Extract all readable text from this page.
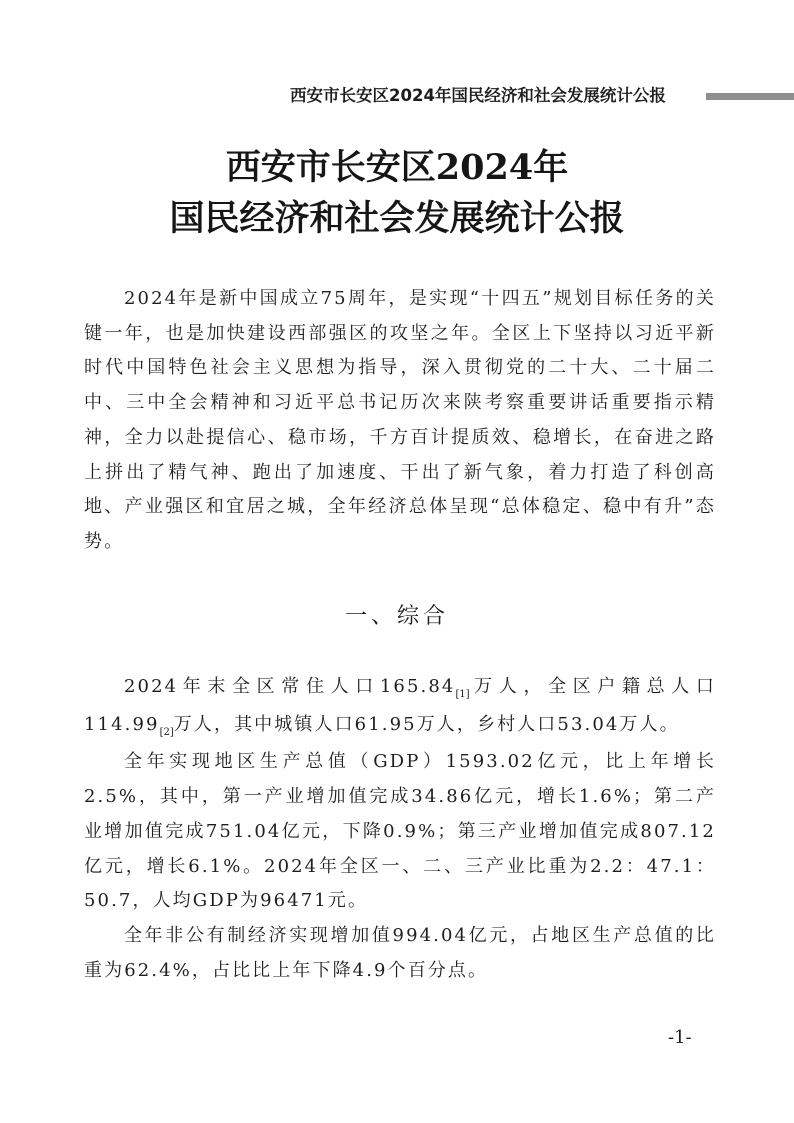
西安市长安区2024年国民经济和社会发展统计公报
西安市长安区2024年
国民经济和社会发展统计公报

2024年是新中国成立75周年，是实现“十四五”规划目标任务的关键一年，也是加快建设西部强区的攻坚之年。全区上下坚持以习近平新时代中国特色社会主义思想为指导，深入贯彻党的二十大、二十届二中、三中全会精神和习近平总书记历次来陕考察重要讲话重要指示精神，全力以赴提信心、稳市场，千方百计提质效、稳增长，在奋进之路上拼出了精气神、跑出了加速度、干出了新气象，着力打造了科创高地、产业强区和宜居之城，全年经济总体呈现“总体稳定、稳中有升”态势。

一、综合

2024年末全区常住人口$165.84_{[1]}$万人，全区户籍总人口$114.99_{[2]}$万人，其中城镇人口61.95万人，乡村人口53.04万人。

全年实现地区生产总值（GDP）1593.02亿元，比上年增长2.5%，其中，第一产业增加值完成34.86亿元，增长1.6%；第二产业增加值完成751.04亿元，下降0.9%；第三产业增加值完成807.12亿元，增长6.1%。2024年全区一、二、三产业比重为2.2：47.1：50.7，人均GDP为96471元。

全年非公有制经济实现增加值994.04亿元，占地区生产总值的比重为62.4%，占比比上年下降4.9个百分点。

-1-
